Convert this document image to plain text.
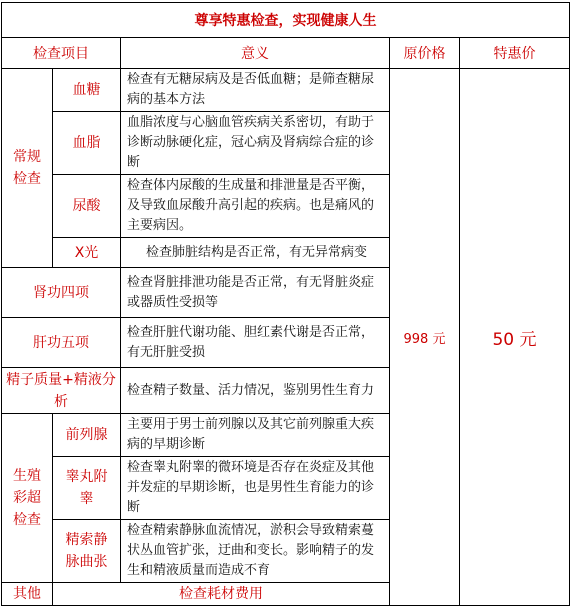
尊享特惠检查，实现健康人生				
检查项目		意义	原价格	特惠价
常规检查	血糖	检查有无糖尿病及是否低血糖；是筛查糖尿病的基本方法	998 元	50 元
	血脂	血脂浓度与心脑血管疾病关系密切，有助于诊断动脉硬化症，冠心病及肾病综合症的诊断		
	尿酸	检查体内尿酸的生成量和排泄量是否平衡，及导致血尿酸升高引起的疾病。也是痛风的主要病因。		
	X光	检查肺脏结构是否正常，有无异常病变		
肾功四项		检查肾脏排泄功能是否正常，有无肾脏炎症或器质性受损等		
肝功五项		检查肝脏代谢功能、胆红素代谢是否正常，有无肝脏受损		
精子质量+精液分析		检查精子数量、活力情况，鉴别男性生育力		
生殖彩超检查	前列腺	主要用于男士前列腺以及其它前列腺重大疾病的早期诊断		
	睾丸附睾	检查睾丸附睾的微环境是否存在炎症及其他并发症的早期诊断，也是男性生育能力的诊断		
	精索静脉曲张	检查精索静脉血流情况，淤积会导致精索蔓状丛血管扩张，迂曲和变长。影响精子的发生和精液质量而造成不育		
其他	检查耗材费用			
